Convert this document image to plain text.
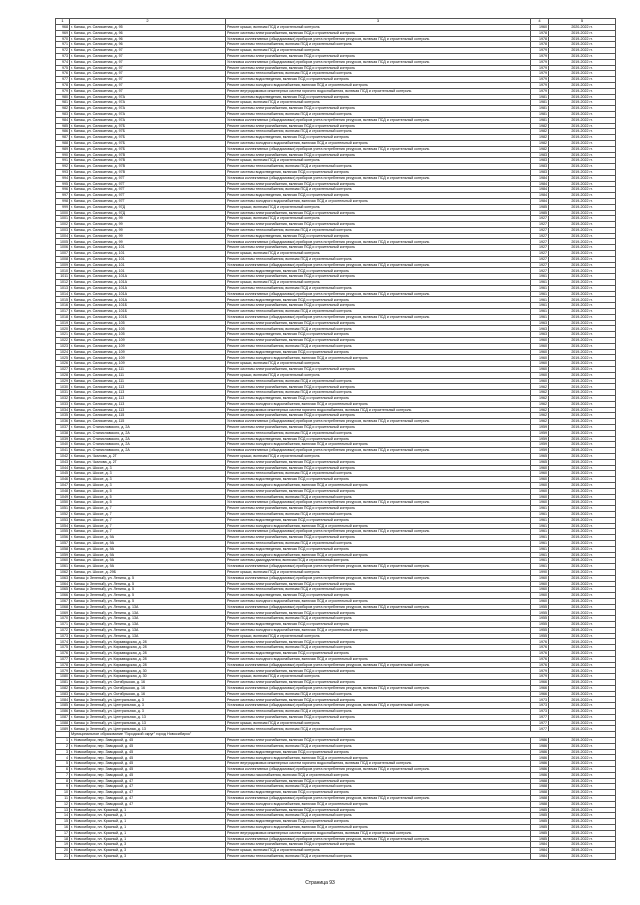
1	2	3	4	5
968	г. Канаш, ул. Силикатная, д. 95	Ремонт крыши, включая ПСД и строительный контроль	1960	2020-2022 гг.
969	г. Канаш, ул. Силикатная, д. 96	Ремонт системы электроснабжения, включая ПСД и строительный контроль	1978	2019-2022 гг.
970	г. Канаш, ул. Силикатная, д. 96	Установка коллективных (общедомовых) приборов учета потребления ресурсов, включая ПСД и строительный контроль	1978	2019-2022 гг.
971	г. Канаш, ул. Силикатная, д. 96	Ремонт системы теплоснабжения, включая ПСД и строительный контроль	1978	2019-2022 гг.
972	г. Канаш, ул. Силикатная, д. 97	Ремонт крыши, включая ПСД и строительный контроль	1979	2019-2022 гг.
973	г. Канаш, ул. Силикатная, д. 97	Ремонт системы электроснабжения, включая ПСД и строительный контроль	1979	2019-2022 гг.
974	г. Канаш, ул. Силикатная, д. 97	Установка коллективных (общедомовых) приборов учета потребления ресурсов, включая ПСД и строительный контроль	1979	2019-2022 гг.
975	г. Канаш, ул. Силикатная, д. 97	Ремонт системы электроснабжения, включая ПСД и строительный контроль	1979	2019-2022 гг.
976	г. Канаш, ул. Силикатная, д. 97	Ремонт системы теплоснабжения, включая ПСД и строительный контроль	1979	2019-2022 гг.
977	г. Канаш, ул. Силикатная, д. 97	Ремонт системы водоотведения, включая ПСД и строительный контроль	1979	2019-2022 гг.
978	г. Канаш, ул. Силикатная, д. 97	Ремонт системы холодного водоснабжения, включая ПСД и строительный контроль	1979	2019-2022 гг.
979	г. Канаш, ул. Силикатная, д. 97	Ремонт внутридомовых инженерных систем горячего водоснабжения, включая ПСД и строительный контроль	1979	2019-2022 гг.
980	г. Канаш, ул. Силикатная, д. 97А	Ремонт системы водоотведения, включая ПСД и строительный контроль	1981	2019-2022 гг.
981	г. Канаш, ул. Силикатная, д. 97А	Ремонт крыши, включая ПСД и строительный контроль	1981	2019-2022 гг.
982	г. Канаш, ул. Силикатная, д. 97А	Ремонт системы электроснабжения, включая ПСД и строительный контроль	1981	2019-2022 гг.
983	г. Канаш, ул. Силикатная, д. 97А	Ремонт системы теплоснабжения, включая ПСД и строительный контроль	1981	2019-2022 гг.
984	г. Канаш, ул. Силикатная, д. 97А	Установка коллективных (общедомовых) приборов учета потребления ресурсов, включая ПСД и строительный контроль	1981	2019-2022 гг.
985	г. Канаш, ул. Силикатная, д. 97Б	Ремонт системы электроснабжения, включая ПСД и строительный контроль	1982	2019-2022 гг.
986	г. Канаш, ул. Силикатная, д. 97Б	Ремонт системы теплоснабжения, включая ПСД и строительный контроль	1982	2019-2022 гг.
987	г. Канаш, ул. Силикатная, д. 97Б	Ремонт системы водоотведения, включая ПСД и строительный контроль	1982	2019-2022 гг.
988	г. Канаш, ул. Силикатная, д. 97Б	Ремонт системы холодного водоснабжения, включая ПСД и строительный контроль	1982	2019-2022 гг.
989	г. Канаш, ул. Силикатная, д. 97Б	Установка коллективных (общедомовых) приборов учета потребления ресурсов, включая ПСД и строительный контроль	1982	2019-2022 гг.
990	г. Канаш, ул. Силикатная, д. 97В	Ремонт системы электроснабжения, включая ПСД и строительный контроль	1983	2019-2022 гг.
991	г. Канаш, ул. Силикатная, д. 97В	Ремонт крыши, включая ПСД и строительный контроль	1983	2019-2022 гг.
992	г. Канаш, ул. Силикатная, д. 97В	Ремонт системы теплоснабжения, включая ПСД и строительный контроль	1983	2019-2022 гг.
993	г. Канаш, ул. Силикатная, д. 97В	Ремонт системы водоотведения, включая ПСД и строительный контроль	1983	2019-2022 гг.
994	г. Канаш, ул. Силикатная, д. 97Г	Установка коллективных (общедомовых) приборов учета потребления ресурсов, включая ПСД и строительный контроль	1984	2019-2022 гг.
995	г. Канаш, ул. Силикатная, д. 97Г	Ремонт системы электроснабжения, включая ПСД и строительный контроль	1984	2019-2022 гг.
996	г. Канаш, ул. Силикатная, д. 97Г	Ремонт системы теплоснабжения, включая ПСД и строительный контроль	1984	2019-2022 гг.
997	г. Канаш, ул. Силикатная, д. 97Г	Ремонт системы водоотведения, включая ПСД и строительный контроль	1984	2019-2022 гг.
998	г. Канаш, ул. Силикатная, д. 97Г	Ремонт системы холодного водоснабжения, включая ПСД и строительный контроль	1984	2019-2022 гг.
999	г. Канаш, ул. Силикатная, д. 97Д	Ремонт крыши, включая ПСД и строительный контроль	1985	2019-2022 гг.
1000	г. Канаш, ул. Силикатная, д. 97Д	Ремонт системы электроснабжения, включая ПСД и строительный контроль	1985	2019-2022 гг.
1001	г. Канаш, ул. Силикатная, д. 99	Ремонт крыши, включая ПСД и строительный контроль	1927	2019-2022 гг.
1002	г. Канаш, ул. Силикатная, д. 99	Ремонт системы электроснабжения, включая ПСД и строительный контроль	1927	2019-2022 гг.
1003	г. Канаш, ул. Силикатная, д. 99	Ремонт системы теплоснабжения, включая ПСД и строительный контроль	1927	2019-2022 гг.
1004	г. Канаш, ул. Силикатная, д. 99	Ремонт системы водоотведения, включая ПСД и строительный контроль	1927	2019-2022 гг.
1005	г. Канаш, ул. Силикатная, д. 99	Установка коллективных (общедомовых) приборов учета потребления ресурсов, включая ПСД и строительный контроль	1927	2019-2022 гг.
1006	г. Канаш, ул. Силикатная, д. 101	Ремонт системы электроснабжения, включая ПСД и строительный контроль	1927	2019-2022 гг.
1007	г. Канаш, ул. Силикатная, д. 101	Ремонт крыши, включая ПСД и строительный контроль	1927	2019-2022 гг.
1008	г. Канаш, ул. Силикатная, д. 101	Ремонт системы теплоснабжения, включая ПСД и строительный контроль	1927	2019-2022 гг.
1009	г. Канаш, ул. Силикатная, д. 101	Установка коллективных (общедомовых) приборов учета потребления ресурсов, включая ПСД и строительный контроль	1927	2019-2022 гг.
1010	г. Канаш, ул. Силикатная, д. 101	Ремонт системы водоотведения, включая ПСД и строительный контроль	1927	2019-2022 гг.
1011	г. Канаш, ул. Силикатная, д. 101А	Ремонт системы электроснабжения, включая ПСД и строительный контроль	1961	2019-2022 гг.
1012	г. Канаш, ул. Силикатная, д. 101А	Ремонт крыши, включая ПСД и строительный контроль	1961	2019-2022 гг.
1013	г. Канаш, ул. Силикатная, д. 101А	Ремонт системы теплоснабжения, включая ПСД и строительный контроль	1961	2019-2022 гг.
1014	г. Канаш, ул. Силикатная, д. 101А	Установка коллективных (общедомовых) приборов учета потребления ресурсов, включая ПСД и строительный контроль	1961	2019-2022 гг.
1015	г. Канаш, ул. Силикатная, д. 101А	Ремонт системы водоотведения, включая ПСД и строительный контроль	1961	2019-2022 гг.
1016	г. Канаш, ул. Силикатная, д. 101Б	Ремонт системы электроснабжения, включая ПСД и строительный контроль	1961	2019-2022 гг.
1017	г. Канаш, ул. Силикатная, д. 101Б	Ремонт системы теплоснабжения, включая ПСД и строительный контроль	1961	2019-2022 гг.
1018	г. Канаш, ул. Силикатная, д. 101Б	Установка коллективных (общедомовых) приборов учета потребления ресурсов, включая ПСД и строительный контроль	1961	2019-2022 гг.
1019	г. Канаш, ул. Силикатная, д. 105	Ремонт системы электроснабжения, включая ПСД и строительный контроль	1963	2019-2022 гг.
1020	г. Канаш, ул. Силикатная, д. 105	Ремонт системы теплоснабжения, включая ПСД и строительный контроль	1963	2019-2022 гг.
1021	г. Канаш, ул. Силикатная, д. 105	Ремонт системы водоотведения, включая ПСД и строительный контроль	1963	2019-2022 гг.
1022	г. Канаш, ул. Силикатная, д. 109	Ремонт системы электроснабжения, включая ПСД и строительный контроль	1960	2019-2022 гг.
1023	г. Канаш, ул. Силикатная, д. 109	Ремонт системы теплоснабжения, включая ПСД и строительный контроль	1960	2019-2022 гг.
1024	г. Канаш, ул. Силикатная, д. 109	Ремонт системы водоотведения, включая ПСД и строительный контроль	1960	2019-2022 гг.
1025	г. Канаш, ул. Силикатная, д. 109	Ремонт системы холодного водоснабжения, включая ПСД и строительный контроль	1960	2019-2022 гг.
1026	г. Канаш, ул. Силикатная, д. 109	Ремонт крыши, включая ПСД и строительный контроль	1960	2019-2022 гг.
1027	г. Канаш, ул. Силикатная, д. 111	Ремонт системы электроснабжения, включая ПСД и строительный контроль	1960	2019-2022 гг.
1028	г. Канаш, ул. Силикатная, д. 111	Ремонт крыши, включая ПСД и строительный контроль	1960	2019-2022 гг.
1029	г. Канаш, ул. Силикатная, д. 111	Ремонт системы теплоснабжения, включая ПСД и строительный контроль	1960	2019-2022 гг.
1030	г. Канаш, ул. Силикатная, д. 113	Ремонт системы электроснабжения, включая ПСД и строительный контроль	1962	2019-2022 гг.
1031	г. Канаш, ул. Силикатная, д. 113	Ремонт системы теплоснабжения, включая ПСД и строительный контроль	1962	2019-2022 гг.
1032	г. Канаш, ул. Силикатная, д. 113	Ремонт системы водоотведения, включая ПСД и строительный контроль	1962	2019-2022 гг.
1033	г. Канаш, ул. Силикатная, д. 113	Ремонт системы холодного водоснабжения, включая ПСД и строительный контроль	1962	2019-2022 гг.
1034	г. Канаш, ул. Силикатная, д. 113	Ремонт внутридомовых инженерных систем горячего водоснабжения, включая ПСД и строительный контроль	1962	2019-2022 гг.
1035	г. Канаш, ул. Силикатная, д. 115	Ремонт системы электроснабжения, включая ПСД и строительный контроль	1962	2019-2022 гг.
1036	г. Канаш, ул. Силикатная, д. 115	Установка коллективных (общедомовых) приборов учета потребления ресурсов, включая ПСД и строительный контроль	1962	2019-2022 гг.
1037	г. Канаш, ул. Станиславского, д. 2А	Ремонт системы электроснабжения, включая ПСД и строительный контроль	1959	2019-2022 гг.
1038	г. Канаш, ул. Станиславского, д. 2А	Ремонт системы теплоснабжения, включая ПСД и строительный контроль	1959	2019-2022 гг.
1039	г. Канаш, ул. Станиславского, д. 2А	Ремонт системы водоотведения, включая ПСД и строительный контроль	1959	2019-2022 гг.
1040	г. Канаш, ул. Станиславского, д. 2А	Ремонт системы холодного водоснабжения, включая ПСД и строительный контроль	1959	2019-2022 гг.
1041	г. Канаш, ул. Станиславского, д. 2А	Установка коллективных (общедомовых) приборов учета потребления ресурсов, включая ПСД и строительный контроль	1959	2019-2022 гг.
1042	г. Канаш, ул. Чкалова, д. 2Г	Ремонт крыши, включая ПСД и строительный контроль	1965	2019-2022 гг.
1043	г. Канаш, ул. Чкалова, д. 2Г	Ремонт системы электроснабжения, включая ПСД и строительный контроль	1965	2019-2022 гг.
1044	г. Канаш, ул. Шоссе, д. 3	Ремонт системы электроснабжения, включая ПСД и строительный контроль	1960	2019-2022 гг.
1045	г. Канаш, ул. Шоссе, д. 3	Ремонт системы теплоснабжения, включая ПСД и строительный контроль	1960	2019-2022 гг.
1046	г. Канаш, ул. Шоссе, д. 3	Ремонт системы водоотведения, включая ПСД и строительный контроль	1960	2019-2022 гг.
1047	г. Канаш, ул. Шоссе, д. 3	Ремонт системы холодного водоснабжения, включая ПСД и строительный контроль	1960	2019-2022 гг.
1048	г. Канаш, ул. Шоссе, д. 5	Ремонт системы электроснабжения, включая ПСД и строительный контроль	1960	2019-2022 гг.
1049	г. Канаш, ул. Шоссе, д. 5	Ремонт системы теплоснабжения, включая ПСД и строительный контроль	1960	2019-2022 гг.
1050	г. Канаш, ул. Шоссе, д. 5	Установка коллективных (общедомовых) приборов учета потребления ресурсов, включая ПСД и строительный контроль	1960	2019-2022 гг.
1051	г. Канаш, ул. Шоссе, д. 7	Ремонт системы электроснабжения, включая ПСД и строительный контроль	1961	2019-2022 гг.
1052	г. Канаш, ул. Шоссе, д. 7	Ремонт системы теплоснабжения, включая ПСД и строительный контроль	1961	2019-2022 гг.
1053	г. Канаш, ул. Шоссе, д. 7	Ремонт системы водоотведения, включая ПСД и строительный контроль	1961	2019-2022 гг.
1054	г. Канаш, ул. Шоссе, д. 7	Ремонт системы холодного водоснабжения, включая ПСД и строительный контроль	1961	2019-2022 гг.
1055	г. Канаш, ул. Шоссе, д. 7	Установка коллективных (общедомовых) приборов учета потребления ресурсов, включая ПСД и строительный контроль	1961	2019-2022 гг.
1056	г. Канаш, ул. Шоссе, д. 9А	Ремонт системы электроснабжения, включая ПСД и строительный контроль	1961	2019-2022 гг.
1057	г. Канаш, ул. Шоссе, д. 9А	Ремонт системы теплоснабжения, включая ПСД и строительный контроль	1961	2019-2022 гг.
1058	г. Канаш, ул. Шоссе, д. 9А	Ремонт системы водоотведения, включая ПСД и строительный контроль	1961	2019-2022 гг.
1059	г. Канаш, ул. Шоссе, д. 9А	Ремонт системы холодного водоснабжения, включая ПСД и строительный контроль	1961	2019-2022 гг.
1060	г. Канаш, ул. Шоссе, д. 9А	Ремонт системы дымоудаления, включая ПСД и строительный контроль	1961	2019-2022 гг.
1061	г. Канаш, ул. Шоссе, д. 9А	Установка коллективных (общедомовых) приборов учета потребления ресурсов, включая ПСД и строительный контроль	1961	2019-2022 гг.
1062	г. Канаш, ул. Шоссе, д. 29Б	Ремонт крыши, включая ПСД и строительный контроль	1990	2019-2022 гг.
1063	г. Канаш (с Зеленый), ул. Ленина, д. 5	Установка коллективных (общедомовых) приборов учета потребления ресурсов, включая ПСД и строительный контроль	1960	2019-2022 гг.
1064	г. Канаш (с Зеленый), ул. Ленина, д. 5	Ремонт системы электроснабжения, включая ПСД и строительный контроль	1960	2019-2022 гг.
1065	г. Канаш (с Зеленый), ул. Ленина, д. 5	Ремонт системы теплоснабжения, включая ПСД и строительный контроль	1960	2019-2022 гг.
1066	г. Канаш (с Зеленый), ул. Ленина, д. 5	Ремонт системы водоотведения, включая ПСД и строительный контроль	1960	2019-2022 гг.
1067	г. Канаш (с Зеленый), ул. Ленина, д. 5	Ремонт системы холодного водоснабжения, включая ПСД и строительный контроль	1960	2019-2022 гг.
1068	г. Канаш (с Зеленый), ул. Ленина, д. 13А	Установка коллективных (общедомовых) приборов учета потребления ресурсов, включая ПСД и строительный контроль	1955	2019-2022 гг.
1069	г. Канаш (с Зеленый), ул. Ленина, д. 13А	Ремонт системы электроснабжения, включая ПСД и строительный контроль	1955	2019-2022 гг.
1070	г. Канаш (с Зеленый), ул. Ленина, д. 13А	Ремонт системы теплоснабжения, включая ПСД и строительный контроль	1955	2019-2022 гг.
1071	г. Канаш (с Зеленый), ул. Ленина, д. 13А	Ремонт системы водоотведения, включая ПСД и строительный контроль	1955	2019-2022 гг.
1072	г. Канаш (с Зеленый), ул. Ленина, д. 13А	Ремонт системы холодного водоснабжения, включая ПСД и строительный контроль	1955	2019-2022 гг.
1073	г. Канаш (с Зеленый), ул. Ленина, д. 13А	Ремонт крыши, включая ПСД и строительный контроль	1955	2019-2022 гг.
1074	г. Канаш (с Зеленый), ул. Кирзаводская, д. 28	Ремонт системы электроснабжения, включая ПСД и строительный контроль	1976	2019-2022 гг.
1075	г. Канаш (с Зеленый), ул. Кирзаводская, д. 28	Ремонт системы теплоснабжения, включая ПСД и строительный контроль	1976	2019-2022 гг.
1076	г. Канаш (с Зеленый), ул. Кирзаводская, д. 28	Ремонт системы водоотведения, включая ПСД и строительный контроль	1976	2019-2022 гг.
1077	г. Канаш (с Зеленый), ул. Кирзаводская, д. 28	Ремонт системы холодного водоснабжения, включая ПСД и строительный контроль	1976	2019-2022 гг.
1078	г. Канаш (с Зеленый), ул. Кирзаводская, д. 28	Установка коллективных (общедомовых) приборов учета потребления ресурсов, включая ПСД и строительный контроль	1976	2019-2022 гг.
1079	г. Канаш (с Зеленый), ул. Кирзаводская, д. 30	Ремонт системы электроснабжения, включая ПСД и строительный контроль	1979	2019-2022 гг.
1080	г. Канаш (с Зеленый), ул. Кирзаводская, д. 30	Ремонт крыши, включая ПСД и строительный контроль	1979	2019-2022 гг.
1081	г. Канаш (с Зеленый), ул. Октябрьская, д. 16	Ремонт системы электроснабжения, включая ПСД и строительный контроль	1966	2019-2022 гг.
1082	г. Канаш (с Зеленый), ул. Октябрьская, д. 16	Установка коллективных (общедомовых) приборов учета потребления ресурсов, включая ПСД и строительный контроль	1966	2019-2022 гг.
1083	г. Канаш (с Зеленый), ул. Октябрьская, д. 16	Ремонт системы теплоснабжения, включая ПСД и строительный контроль	1966	2019-2022 гг.
1084	г. Канаш (с Зеленый), ул. Центральная, д. 3	Ремонт системы электроснабжения, включая ПСД и строительный контроль	1973	2019-2022 гг.
1085	г. Канаш (с Зеленый), ул. Центральная, д. 3	Установка коллективных (общедомовых) приборов учета потребления ресурсов, включая ПСД и строительный контроль	1973	2019-2022 гг.
1086	г. Канаш (с Зеленый), ул. Центральная, д. 3	Ремонт системы теплоснабжения, включая ПСД и строительный контроль	1973	2019-2022 гг.
1087	г. Канаш (с Зеленый), ул. Центральная, д. 13	Ремонт системы электроснабжения, включая ПСД и строительный контроль	1977	2019-2022 гг.
1088	г. Канаш (с Зеленый), ул. Центральная, д. 13	Ремонт крыши, включая ПСД и строительный контроль	1977	2019-2022 гг.
1089	г. Канаш (с Зеленый), ул. Центральная, д. 13	Ремонт системы теплоснабжения, включая ПСД и строительный контроль	1977	2019-2022 гг.
	Муниципальное образование "Городской округ" город Новосибирск"			
1	г. Новосибирск, пер. Заводской, д. 45	Ремонт системы электроснабжения, включая ПСД и строительный контроль	1986	2019-2022 гг.
2	г. Новосибирск, пер. Заводской, д. 45	Ремонт системы теплоснабжения, включая ПСД и строительный контроль	1986	2019-2022 гг.
3	г. Новосибирск, пер. Заводской, д. 45	Ремонт системы водоотведения, включая ПСД и строительный контроль	1986	2019-2022 гг.
4	г. Новосибирск, пер. Заводской, д. 45	Ремонт системы холодного водоснабжения, включая ПСД и строительный контроль	1986	2019-2022 гг.
5	г. Новосибирск, пер. Заводской, д. 45	Ремонт внутридомовых инженерных систем горячего водоснабжения, включая ПСД и строительный контроль	1986	2019-2022 гг.
6	г. Новосибирск, пер. Заводской, д. 45	Установка коллективных (общедомовых) приборов учета потребления ресурсов, включая ПСД и строительный контроль	1986	2019-2022 гг.
7	г. Новосибирск, пер. Заводской, д. 45	Ремонт системы газоснабжения, включая ПСД и строительный контроль	1986	2019-2022 гг.
8	г. Новосибирск, пер. Заводской, д. 47	Ремонт системы электроснабжения, включая ПСД и строительный контроль	1988	2019-2022 гг.
9	г. Новосибирск, пер. Заводской, д. 47	Ремонт системы теплоснабжения, включая ПСД и строительный контроль	1988	2019-2022 гг.
10	г. Новосибирск, пер. Заводской, д. 47	Ремонт системы водоотведения, включая ПСД и строительный контроль	1988	2019-2022 гг.
11	г. Новосибирск, пер. Заводской, д. 47	Установка коллективных (общедомовых) приборов учета потребления ресурсов, включая ПСД и строительный контроль	1988	2019-2022 гг.
12	г. Новосибирск, пер. Заводской, д. 47	Ремонт системы холодного водоснабжения, включая ПСД и строительный контроль	1988	2019-2022 гг.
13	г. Новосибирск, пл. Красный, д. 1	Ремонт системы электроснабжения, включая ПСД и строительный контроль	1985	2019-2022 гг.
14	г. Новосибирск, пл. Красный, д. 1	Ремонт системы теплоснабжения, включая ПСД и строительный контроль	1985	2019-2022 гг.
15	г. Новосибирск, пл. Красный, д. 1	Ремонт системы водоотведения, включая ПСД и строительный контроль	1985	2019-2022 гг.
16	г. Новосибирск, пл. Красный, д. 1	Ремонт системы холодного водоснабжения, включая ПСД и строительный контроль	1985	2019-2022 гг.
17	г. Новосибирск, пл. Красный, д. 1	Ремонт внутридомовых инженерных систем горячего водоснабжения, включая ПСД и строительный контроль	1985	2019-2022 гг.
18	г. Новосибирск, пл. Красный, д. 1	Установка коллективных (общедомовых) приборов учета потребления ресурсов, включая ПСД и строительный контроль	1985	2019-2022 гг.
19	г. Новосибирск, пл. Красный, д. 3	Ремонт системы электроснабжения, включая ПСД и строительный контроль	1984	2019-2022 гг.
20	г. Новосибирск, пл. Красный, д. 3	Ремонт крыши, включая ПСД и строительный контроль	1984	2019-2022 гг.
21	г. Новосибирск, пл. Красный, д. 3	Ремонт системы теплоснабжения, включая ПСД и строительный контроль	1984	2019-2022 гг.
Страница 93
